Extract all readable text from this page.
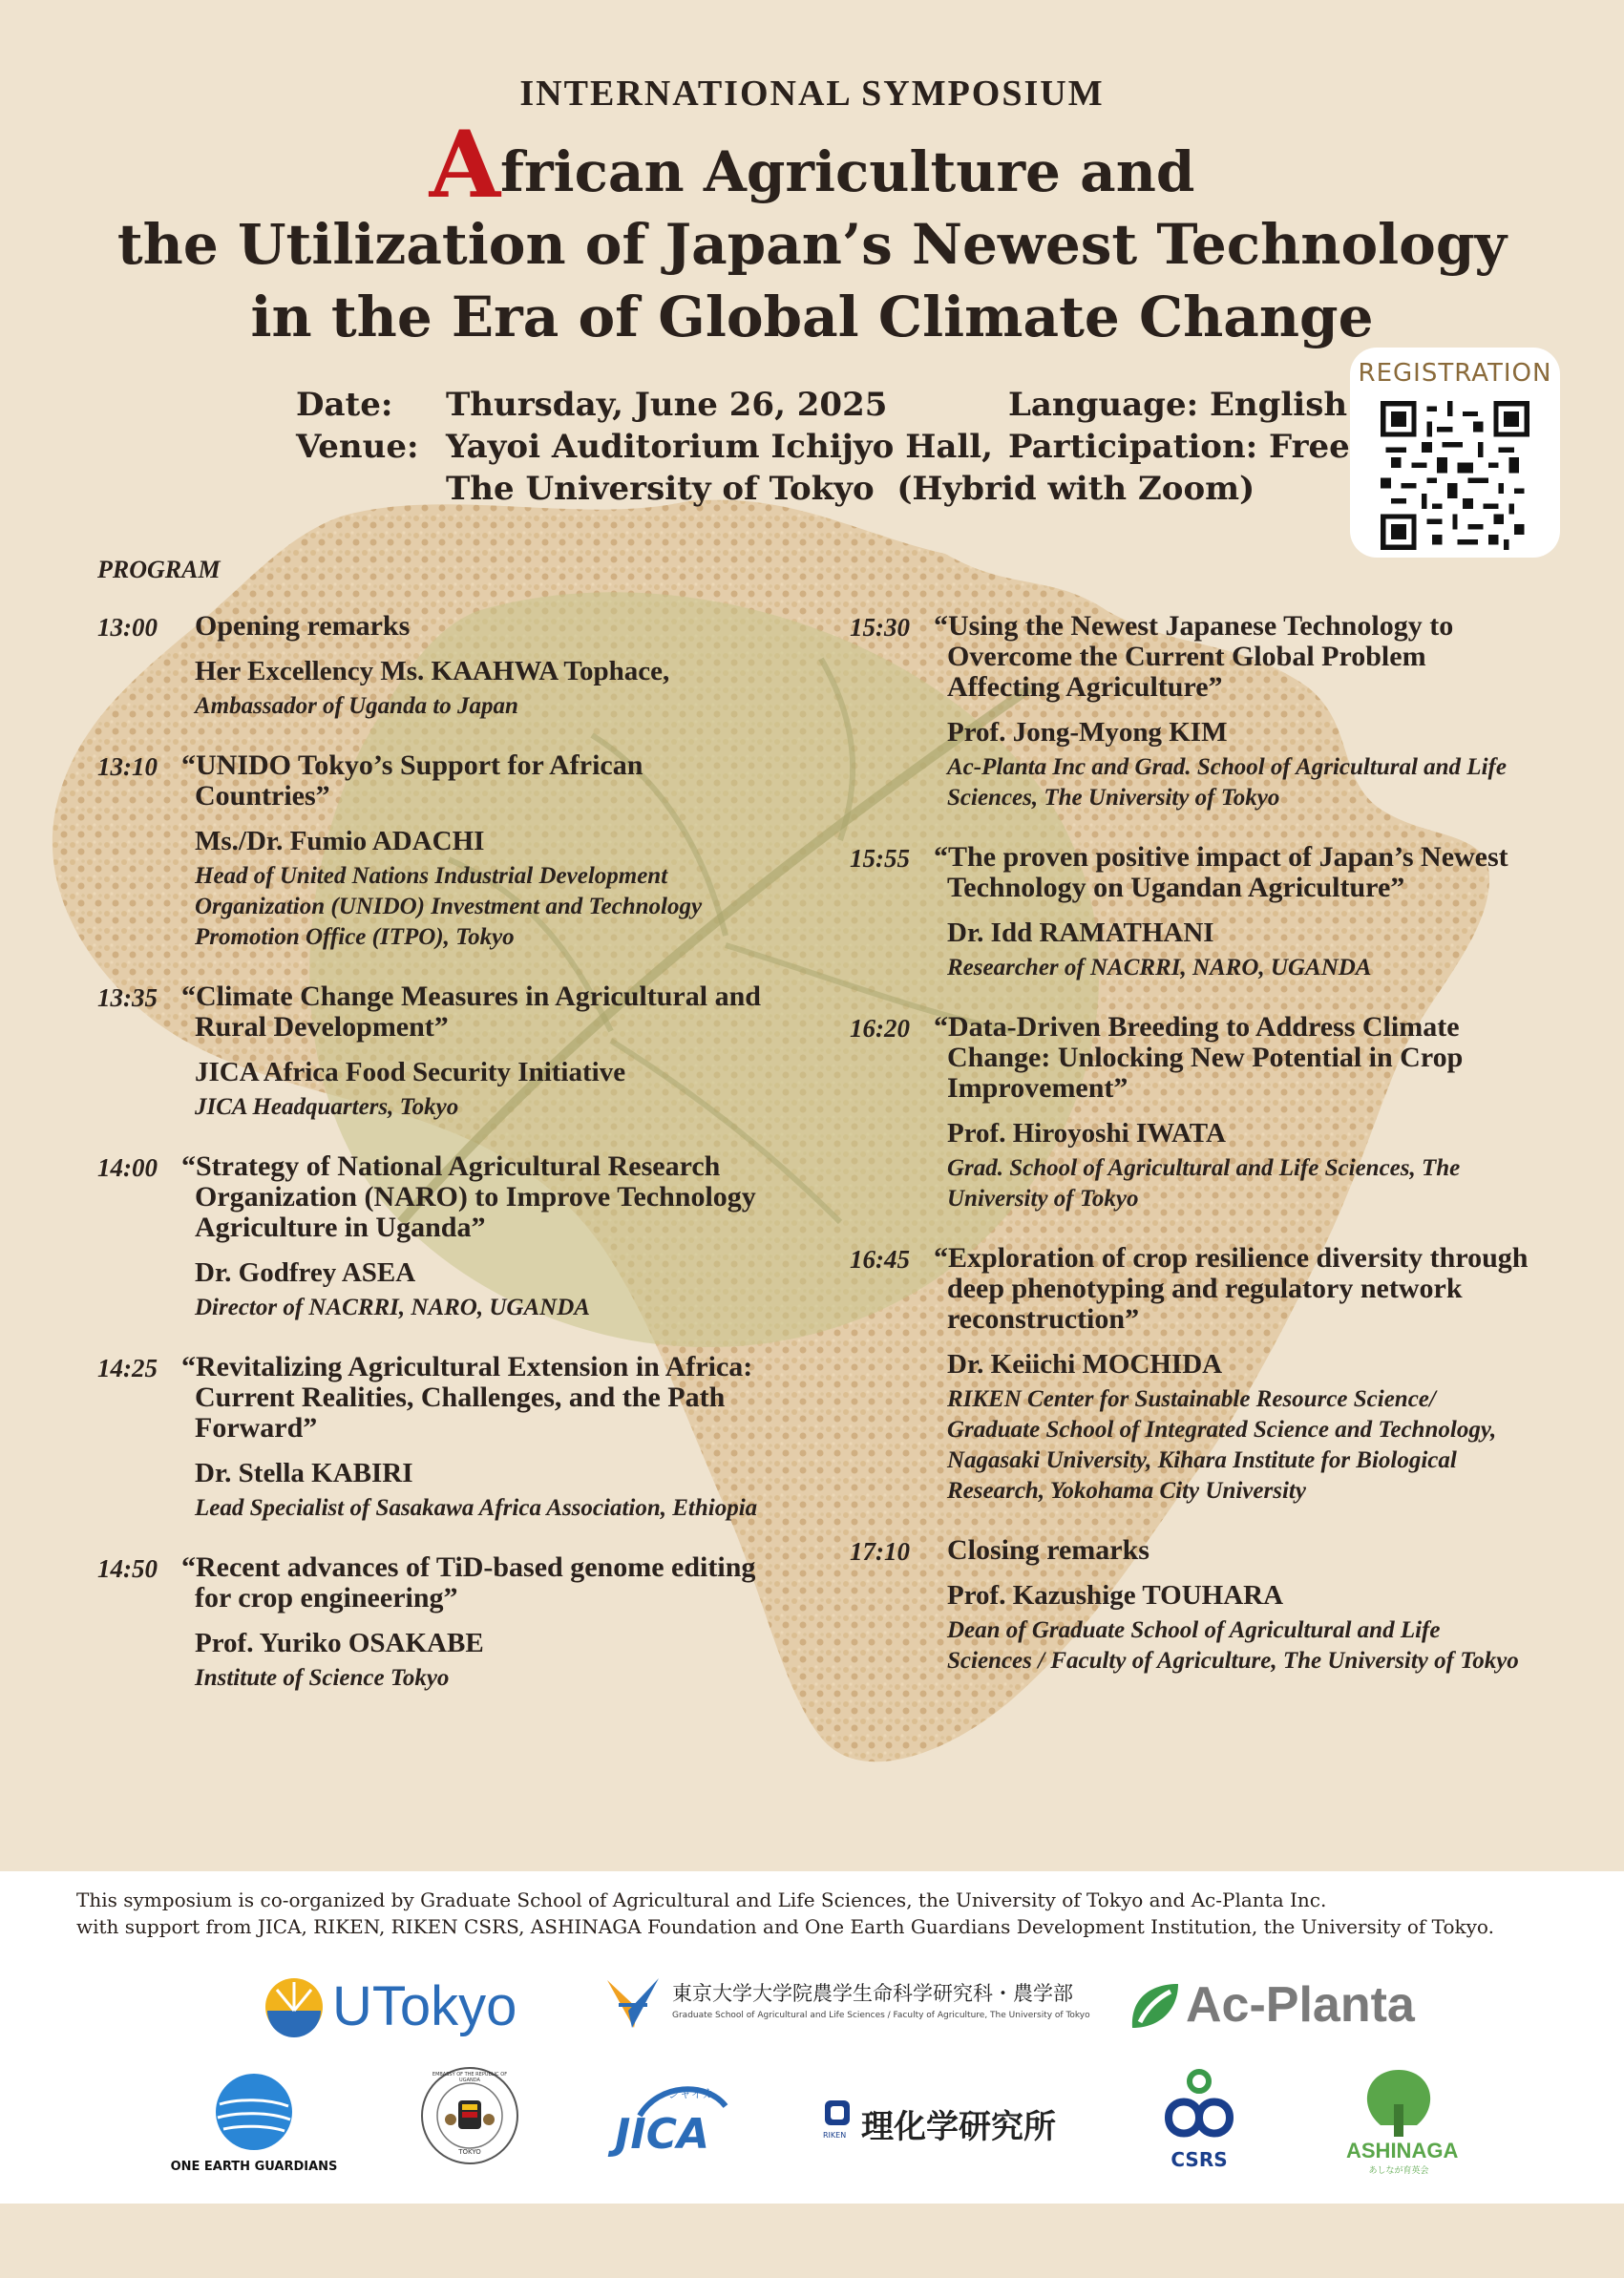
INTERNATIONAL SYMPOSIUM
African Agriculture and
the Utilization of Japan’s Newest Technology
in the Era of Global Climate Change
Date:
Venue:
Thursday, June 26, 2025
Yayoi Auditorium Ichijyo Hall,
The University of Tokyo (Hybrid with Zoom)
Language: English
Participation: Free
REGISTRATION
PROGRAM
13:00	Opening remarks
Her Excellency Ms. KAAHWA Tophace,
Ambassador of Uganda to Japan
13:10 “UNIDO Tokyo’s Support for African Countries”
Ms./Dr. Fumio ADACHI
Head of United Nations Industrial Development Organization (UNIDO) Investment and Technology Promotion Office (ITPO), Tokyo
13:35 “Climate Change Measures in Agricultural and Rural Development”
JICA Africa Food Security Initiative
JICA Headquarters, Tokyo
14:00 “Strategy of National Agricultural Research Organization (NARO) to Improve Technology Agriculture in Uganda”
Dr. Godfrey ASEA
Director of NACRRI, NARO, UGANDA
14:25 “Revitalizing Agricultural Extension in Africa: Current Realities, Challenges, and the Path Forward”
Dr. Stella KABIRI
Lead Specialist of Sasakawa Africa Association, Ethiopia
14:50 “Recent advances of TiD-based genome editing for crop engineering”
Prof. Yuriko OSAKABE
Institute of Science Tokyo
15:30 “Using the Newest Japanese Technology to Overcome the Current Global Problem Affecting Agriculture”
Prof. Jong-Myong KIM
Ac-Planta Inc and Grad. School of Agricultural and Life Sciences, The University of Tokyo
15:55 “The proven positive impact of Japan’s Newest Technology on Ugandan Agriculture”
Dr. Idd RAMATHANI
Researcher of NACRRI, NARO, UGANDA
16:20 “Data-Driven Breeding to Address Climate Change: Unlocking New Potential in Crop Improvement”
Prof. Hiroyoshi IWATA
Grad. School of Agricultural and Life Sciences, The University of Tokyo
16:45 “Exploration of crop resilience diversity through deep phenotyping and regulatory network reconstruction”
Dr. Keiichi MOCHIDA
RIKEN Center for Sustainable Resource Science/ Graduate School of Integrated Science and Technology, Nagasaki University, Kihara Institute for Biological Research, Yokohama City University
17:10	Closing remarks
Prof. Kazushige TOUHARA
Dean of Graduate School of Agricultural and Life Sciences / Faculty of Agriculture, The University of Tokyo
This symposium is co-organized by Graduate School of Agricultural and Life Sciences, the University of Tokyo and Ac-Planta Inc.
with support from JICA, RIKEN, RIKEN CSRS, ASHINAGA Foundation and One Earth Guardians Development Institution, the University of Tokyo.
UTokyo	東京大学大学院農学生命科学研究科・農学部
Graduate School of Agricultural and Life Sciences / Faculty of Agriculture, The University of Tokyo Ac-Planta
ONE EARTH GUARDIANS
EMBASSY OF THE REPUBLIC OF UGANDA
TOKYO
ジャイカ
JICA	RIKEN 理化学研究所
CSRS	ASHINAGA
あしなが育英会
